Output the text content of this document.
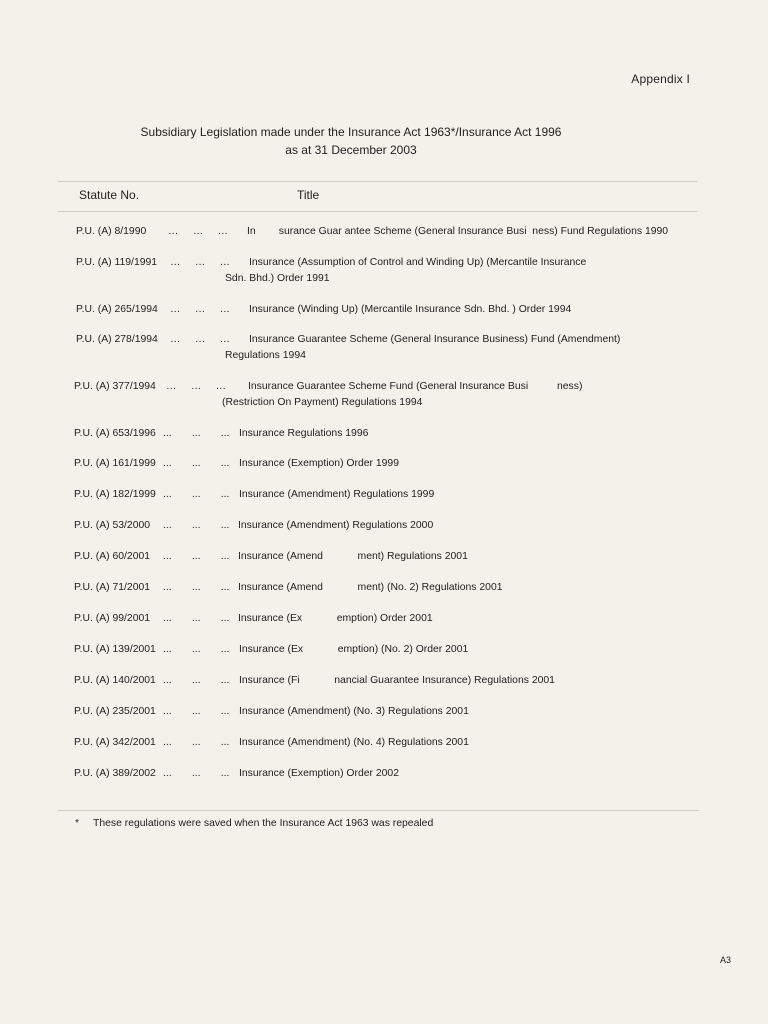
Appendix I
Subsidiary Legislation made under the Insurance Act 1963*/Insurance Act 1996
as at 31 December 2003
Statute No.	Title
P.U. (A) 8/1990 …     …     … In        surance Guar antee Scheme (General Insurance Busi  ness) Fund Regulations 1990
P.U. (A) 119/1991 …     …     … Insurance (Assumption of Control and Winding Up) (Mercantile Insurance
Sdn. Bhd.) Order 1991
P.U. (A) 265/1994 …     …     … Insurance (Winding Up) (Mercantile Insurance Sdn. Bhd. ) Order 1994
P.U. (A) 278/1994 …     …     … Insurance Guarantee Scheme (General Insurance Business) Fund (Amendment)
Regulations 1994
P.U. (A) 377/1994 …     …     … Insurance Guarantee Scheme Fund (General Insurance Busi          ness)
(Restriction On Payment) Regulations 1994
P.U. (A) 653/1996 ...       ...       ... Insurance Regulations 1996
P.U. (A) 161/1999 ...       ...       ... Insurance (Exemption) Order 1999
P.U. (A) 182/1999 ...       ...       ... Insurance (Amendment) Regulations 1999
P.U. (A) 53/2000 ...       ...       ... Insurance (Amendment) Regulations 2000
P.U. (A) 60/2001 ...       ...       ... Insurance (Amend            ment) Regulations 2001
P.U. (A) 71/2001 ...       ...       ... Insurance (Amend            ment) (No. 2) Regulations 2001
P.U. (A) 99/2001 ...       ...       ... Insurance (Ex            emption) Order 2001
P.U. (A) 139/2001 ...       ...       ... Insurance (Ex            emption) (No. 2) Order 2001
P.U. (A) 140/2001 ...       ...       ... Insurance (Fi            nancial Guarantee Insurance) Regulations 2001
P.U. (A) 235/2001 ...       ...       ... Insurance (Amendment) (No. 3) Regulations 2001
P.U. (A) 342/2001 ...       ...       ... Insurance (Amendment) (No. 4) Regulations 2001
P.U. (A) 389/2002 ...       ...       ... Insurance (Exemption) Order 2002
* These regulations were saved when the Insurance Act 1963 was repealed
A3
